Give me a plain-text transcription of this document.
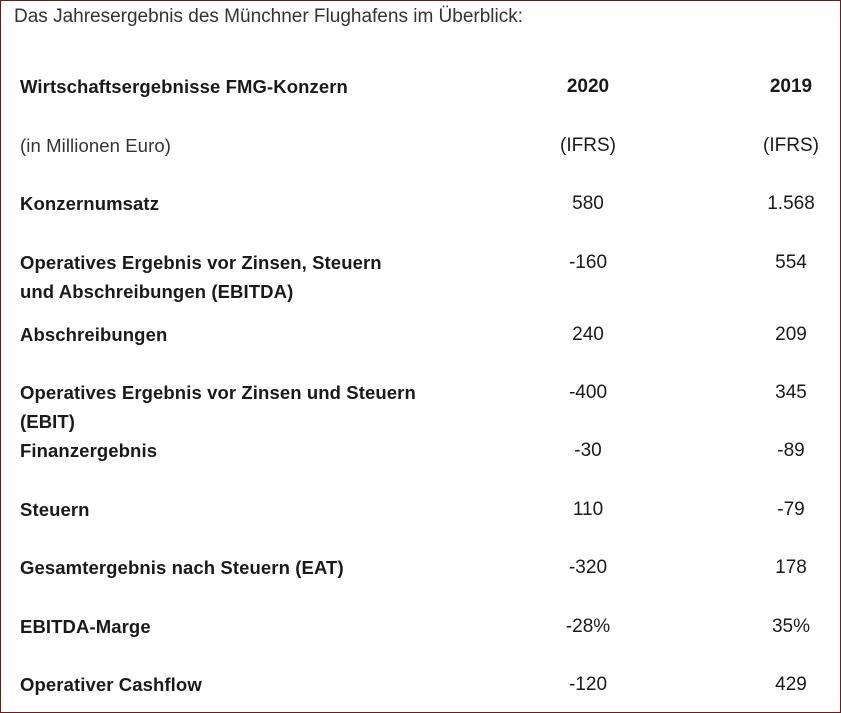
Das Jahresergebnis des Münchner Flughafens im Überblick:
Wirtschaftsergebnisse FMG-Konzern	2020	2019
(in Millionen Euro)	(IFRS)	(IFRS)
Konzernumsatz	580	1.568
Operatives Ergebnis vor Zinsen, Steuern
und Abschreibungen (EBITDA)
-160	554
Abschreibungen	240	209
Operatives Ergebnis vor Zinsen und Steuern
(EBIT)
-400	345
Finanzergebnis	-30	-89
Steuern	110	-79
Gesamtergebnis nach Steuern (EAT)	-320	178
EBITDA-Marge	-28%	35%
Operativer Cashflow	-120	429
